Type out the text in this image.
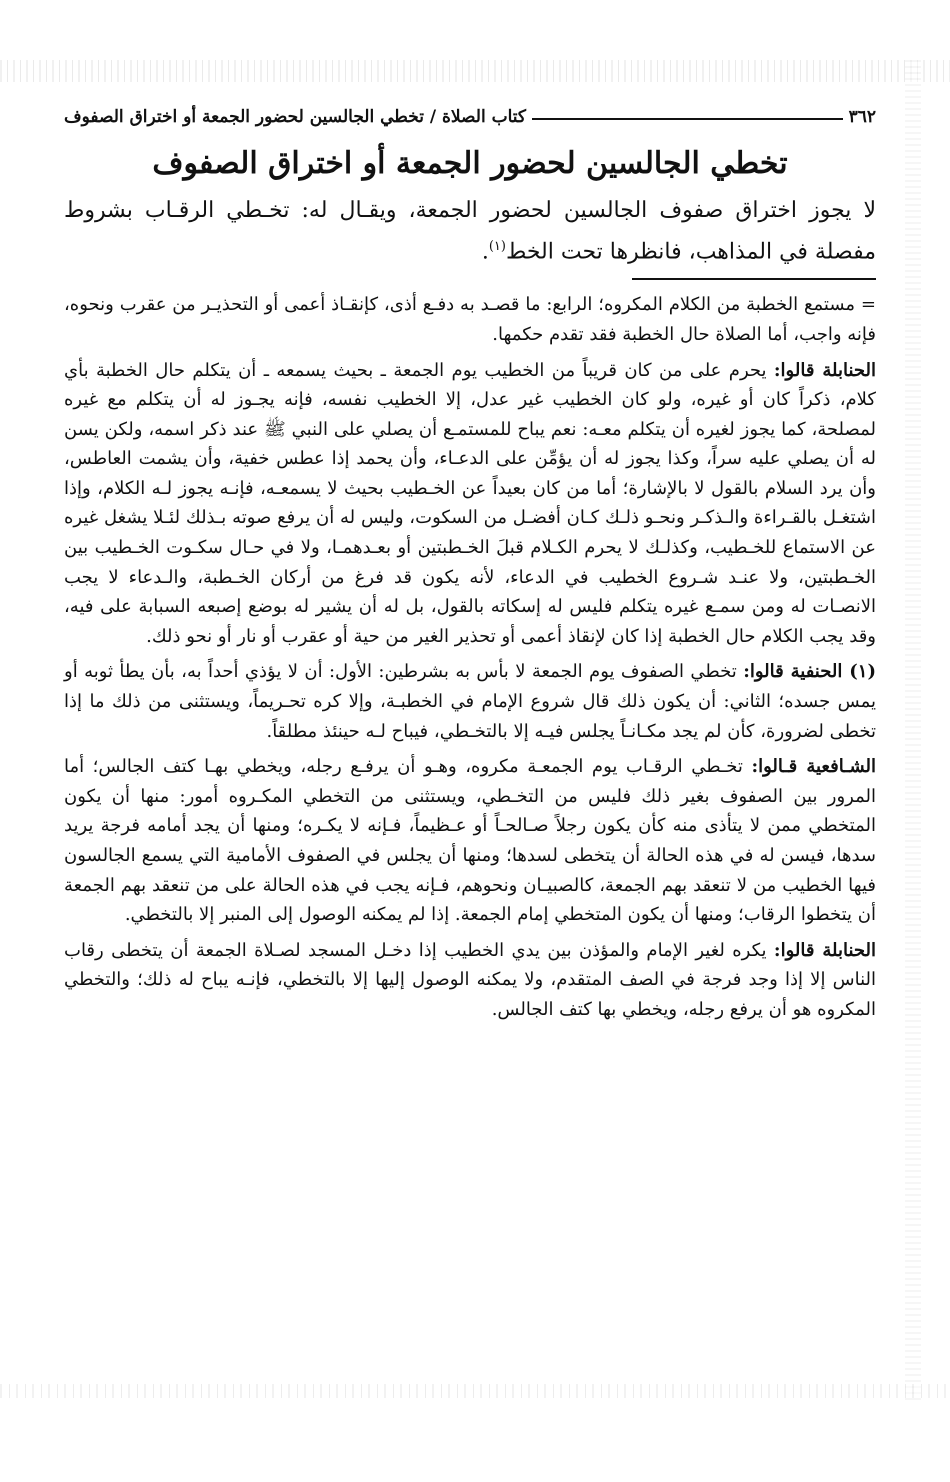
٣٦٢
كتاب الصلاة / تخطي الجالسين لحضور الجمعة أو اختراق الصفوف
تخطي الجالسين لحضور الجمعة أو اختراق الصفوف

لا يجوز اختراق صفوف الجالسين لحضور الجمعة، ويقـال له: تخـطي الرقـاب بشروط مفصلة في المذاهب، فانظرها تحت الخط$^{(١)}$.

= مستمع الخطبة من الكلام المكروه؛ الرابع: ما قصـد به دفـع أذى، كإنقـاذ أعمى أو التحذيـر من عقرب ونحوه، فإنه واجب، أما الصلاة حال الخطبة فقد تقدم حكمها.

الحنابلة قالوا: يحرم على من كان قريباً من الخطيب يوم الجمعة ـ بحيث يسمعه ـ أن يتكلم حال الخطبة بأي كلام، ذكراً كان أو غيره، ولو كان الخطيب غير عدل، إلا الخطيب نفسه، فإنه يجـوز له أن يتكلم مع غيره لمصلحة، كما يجوز لغيره أن يتكلم معـه: نعم يباح للمستمـع أن يصلي على النبي ﷺ عند ذكر اسمه، ولكن يسن له أن يصلي عليه سراً، وكذا يجوز له أن يؤمِّن على الدعـاء، وأن يحمد إذا عطس خفية، وأن يشمت العاطس، وأن يرد السلام بالقول لا بالإشارة؛ أما من كان بعيداً عن الخـطيب بحيث لا يسمعـه، فإنـه يجوز لـه الكلام، وإذا اشتغـل بالقـراءة والـذكـر ونحـو ذلـك كـان أفضـل من السكوت، وليس له أن يرفع صوته بـذلك لئـلا يشغل غيره عن الاستماع للخـطيب، وكذلـك لا يحرم الكـلام قبلَ الخـطبتين أو بعـدهمـا، ولا في حـال سكـوت الخـطيب بين الخـطبتين، ولا عنـد شـروع الخطيب في الدعاء، لأنه يكون قد فرغ من أركان الخـطبة، والـدعاء لا يجب الانصـات له ومن سمـع غيره يتكلم فليس له إسكاته بالقول، بل له أن يشير له بوضع إصبعه السبابة على فيه، وقد يجب الكلام حال الخطبة إذا كان لإنقاذ أعمى أو تحذير الغير من حية أو عقرب أو نار أو نحو ذلك.

(١) الحنفية قالوا: تخطي الصفوف يوم الجمعة لا بأس به بشرطين: الأول: أن لا يؤذي أحداً به، بأن يطأ ثوبه أو يمس جسده؛ الثاني: أن يكون ذلك قال شروع الإمام في الخطبـة، وإلا كره تحـريماً، ويستثنى من ذلك ما إذا تخطى لضرورة، كأن لم يجد مكـانـاً يجلس فيـه إلا بالتخـطي، فيباح لـه حينئذ مطلقاً.

الشـافعية قـالوا: تخـطي الرقـاب يوم الجمعـة مكروه، وهـو أن يرفـع رجله، ويخطي بهـا كتف الجالس؛ أما المرور بين الصفوف بغير ذلك فليس من التخـطي، ويستثنى من التخطي المكـروه أمور: منها أن يكون المتخطي ممن لا يتأذى منه كأن يكون رجلاً صـالحـاً أو عـظيماً، فـإنه لا يكـره؛ ومنها أن يجد أمامه فرجة يريد سدها، فيسن له في هذه الحالة أن يتخطى لسدها؛ ومنها أن يجلس في الصفوف الأمامية التي يسمع الجالسون فيها الخطيب من لا تنعقد بهم الجمعة، كالصبيـان ونحوهم، فـإنه يجب في هذه الحالة على من تنعقد بهم الجمعة أن يتخطوا الرقاب؛ ومنها أن يكون المتخطي إمام الجمعة. إذا لم يمكنه الوصول إلى المنبر إلا بالتخطي.

الحنابلة قالوا: يكره لغير الإمام والمؤذن بين يدي الخطيب إذا دخـل المسجد لصـلاة الجمعة أن يتخطى رقاب الناس إلا إذا وجد فرجة في الصف المتقدم، ولا يمكنه الوصول إليها إلا بالتخطي، فإنـه يباح له ذلك؛ والتخطي المكروه هو أن يرفع رجله، ويخطي بها كتف الجالس.
